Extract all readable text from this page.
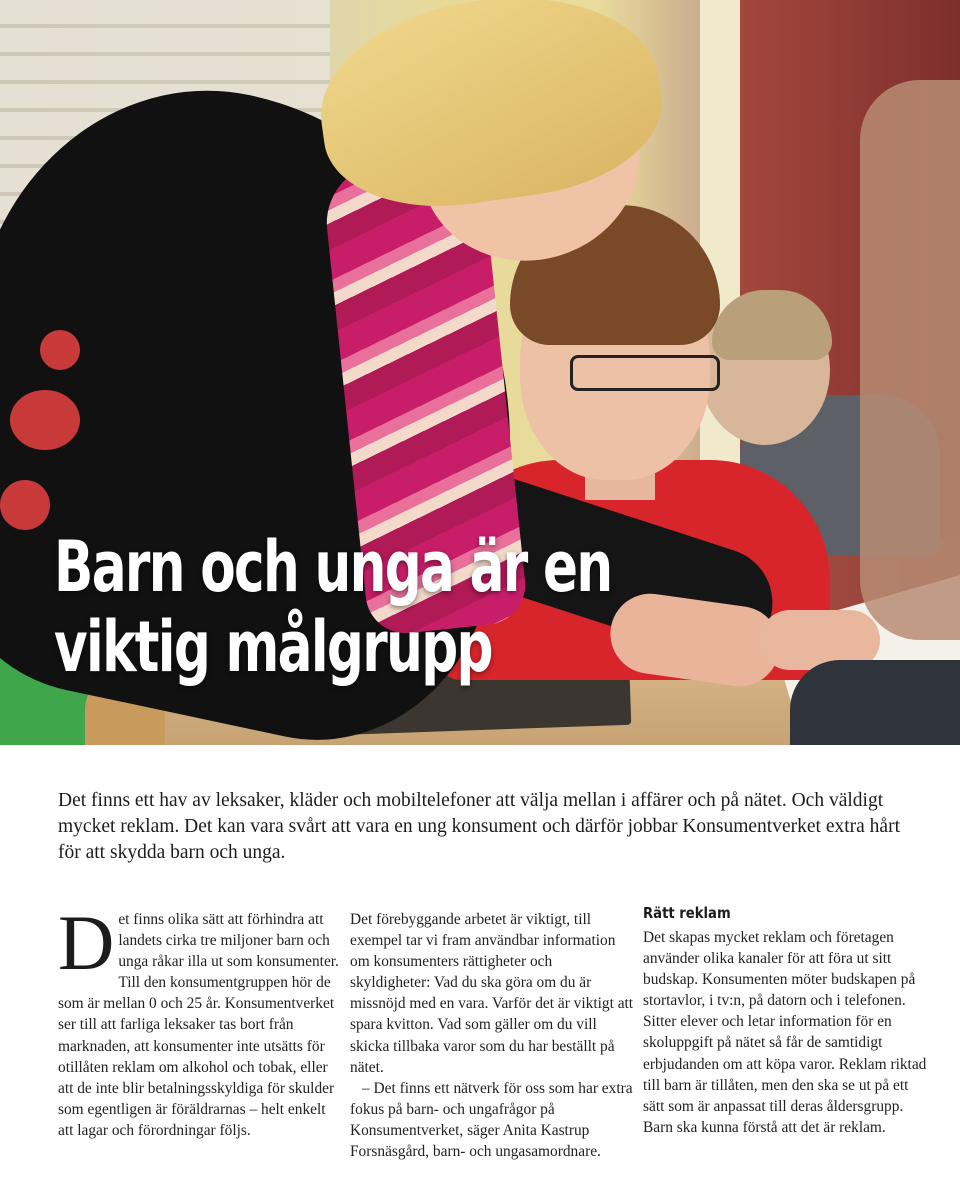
Barn och unga är en
viktig målgrupp

Det finns ett hav av leksaker, kläder och mobiltelefoner att välja mellan i affärer och på nätet. Och väldigt mycket reklam. Det kan vara svårt att vara en ung konsument och därför jobbar Konsumentverket extra hårt för att skydda barn och unga.

D et finns olika sätt att förhindra att landets cirka tre miljoner barn och unga råkar illa ut som konsumenter. Till den konsumentgruppen hör de som är mellan 0 och 25 år. Konsumentverket ser till att farliga leksaker tas bort från marknaden, att konsumenter inte utsätts för otillåten reklam om alkohol och tobak, eller att de inte blir betalningsskyldiga för skulder som egentligen är föräldrarnas – helt enkelt att lagar och förordningar följs.

Det förebyggande arbetet är viktigt, till exempel tar vi fram användbar information om konsumenters rättigheter och skyldigheter: Vad du ska göra om du är missnöjd med en vara. Varför det är viktigt att spara kvitton. Vad som gäller om du vill skicka tillbaka varor som du har beställt på nätet.

– Det finns ett nätverk för oss som har extra fokus på barn- och ungafrågor på Konsumentverket, säger Anita Kastrup Forsnäsgård, barn- och ungasamordnare.

Rätt reklam

Det skapas mycket reklam och företagen använder olika kanaler för att föra ut sitt budskap. Konsumenten möter budskapen på stortavlor, i tv:n, på datorn och i telefonen. Sitter elever och letar information för en skoluppgift på nätet så får de samtidigt erbjudanden om att köpa varor. Reklam riktad till barn är tillåten, men den ska se ut på ett sätt som är anpassat till deras åldersgrupp. Barn ska kunna förstå att det är reklam.
